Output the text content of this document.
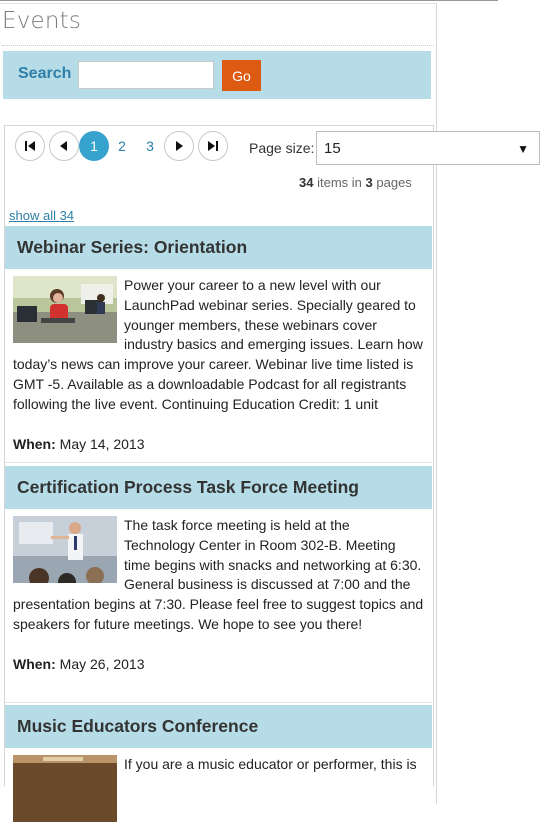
Events
Search	Go
1	2	3	Page size: 15	▼
34 items in 3 pages
show all 34
Webinar Series: Orientation
Power your career to a new level with our LaunchPad webinar series. Specially geared to younger members, these webinars cover industry basics and emerging issues. Learn how today’s news can improve your career. Webinar live time listed is GMT -5. Available as a downloadable Podcast for all registrants following the live event. Continuing Education Credit: 1 unit
When: May 14, 2013
Certification Process Task Force Meeting
The task force meeting is held at the Technology Center in Room 302-B. Meeting time begins with snacks and networking at 6:30. General business is discussed at 7:00 and the presentation begins at 7:30. Please feel free to suggest topics and speakers for future meetings. We hope to see you there!
When: May 26, 2013
Music Educators Conference
If you are a music educator or performer, this is
